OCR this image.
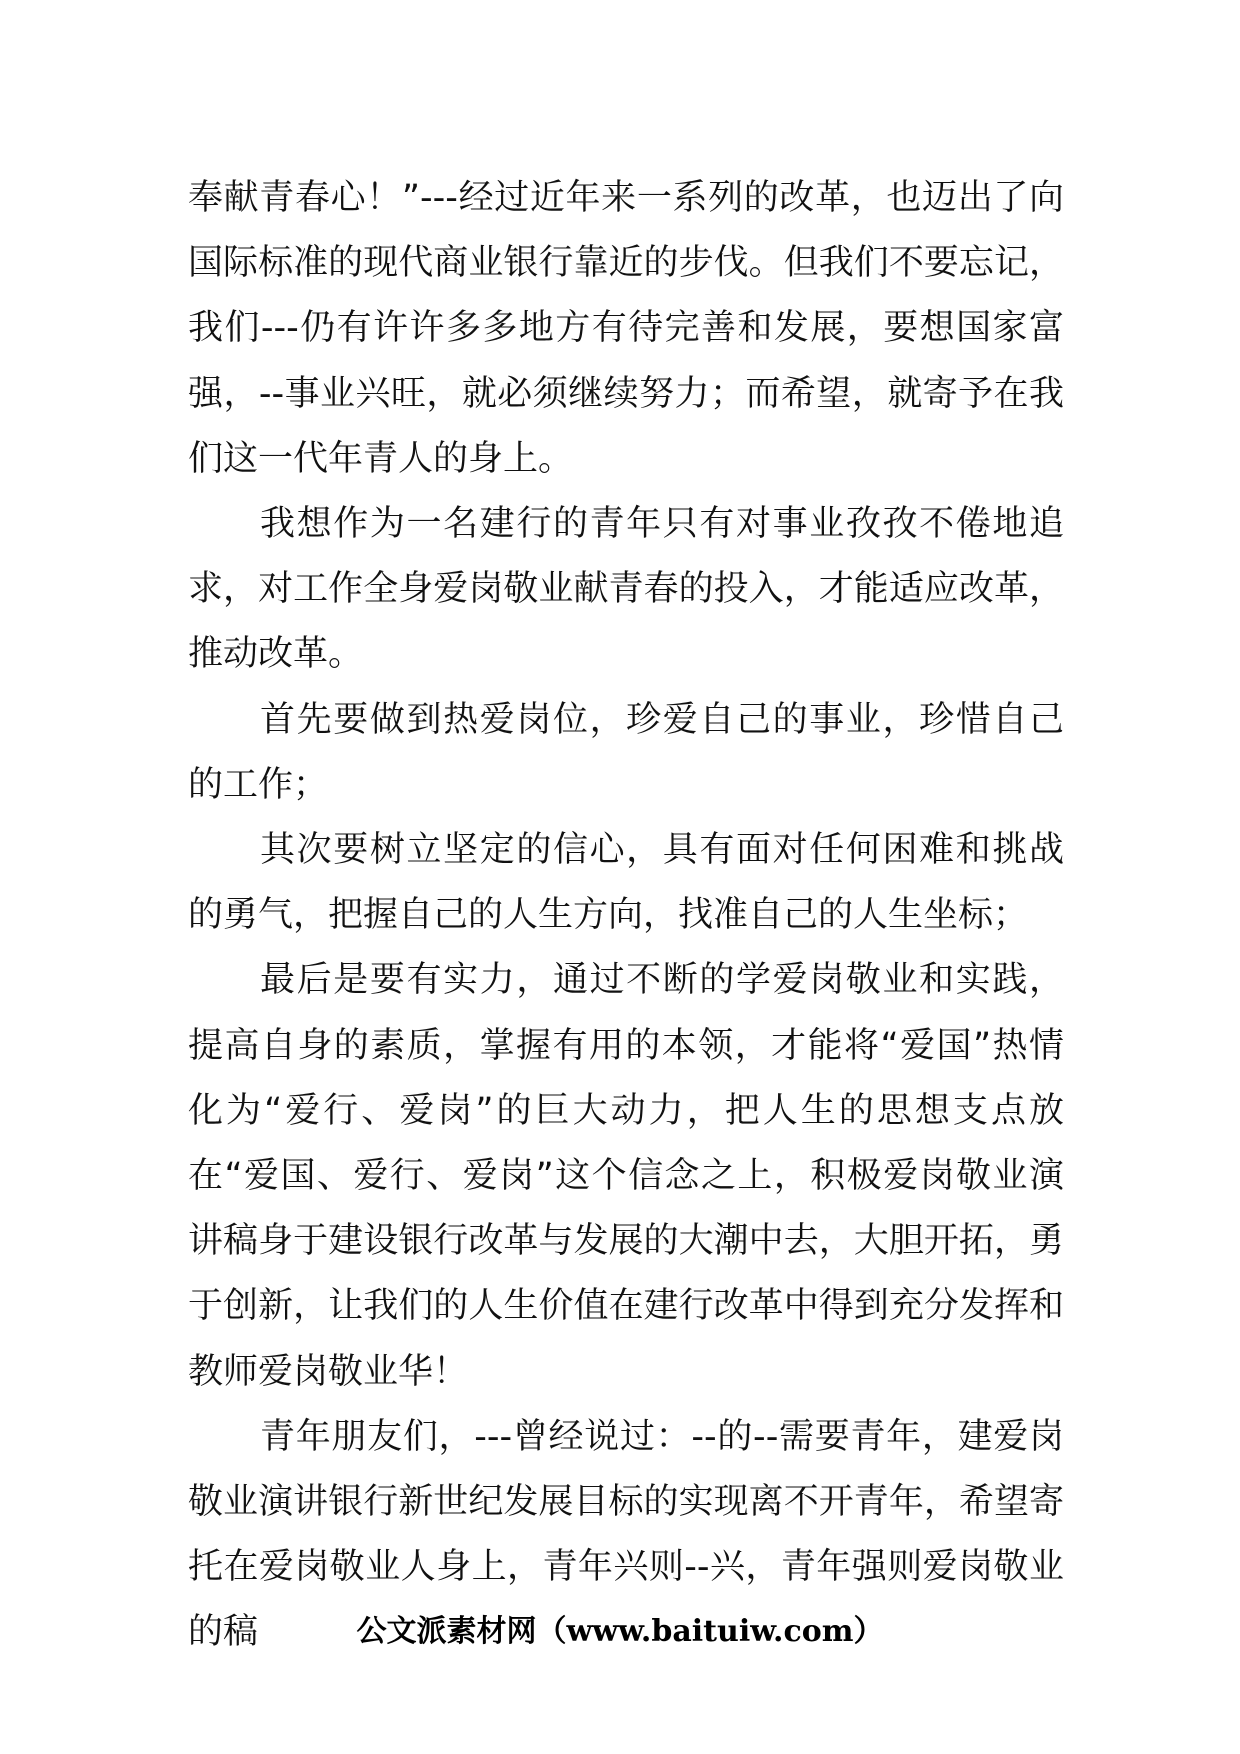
奉献青春心！”---经过近年来一系列的改革，也迈出了向国际标准的现代商业银行靠近的步伐。但我们不要忘记，我们---仍有许许多多地方有待完善和发展，要想国家富强，--事业兴旺，就必须继续努力；而希望，就寄予在我们这一代年青人的身上。

我想作为一名建行的青年只有对事业孜孜不倦地追求，对工作全身爱岗敬业献青春的投入，才能适应改革，推动改革。

首先要做到热爱岗位，珍爱自己的事业，珍惜自己的工作；

其次要树立坚定的信心，具有面对任何困难和挑战的勇气，把握自己的人生方向，找准自己的人生坐标；

最后是要有实力，通过不断的学爱岗敬业和实践，提高自身的素质，掌握有用的本领，才能将“爱国”热情化为“爱行、爱岗”的巨大动力，把人生的思想支点放在“爱国、爱行、爱岗”这个信念之上，积极爱岗敬业演讲稿身于建设银行改革与发展的大潮中去，大胆开拓，勇于创新，让我们的人生价值在建行改革中得到充分发挥和教师爱岗敬业华！

青年朋友们，---曾经说过：--的--需要青年，建爱岗敬业演讲银行新世纪发展目标的实现离不开青年，希望寄托在爱岗敬业人身上，青年兴则--兴，青年强则爱岗敬业的稿	公文派素材网（www.baituiw.com）
